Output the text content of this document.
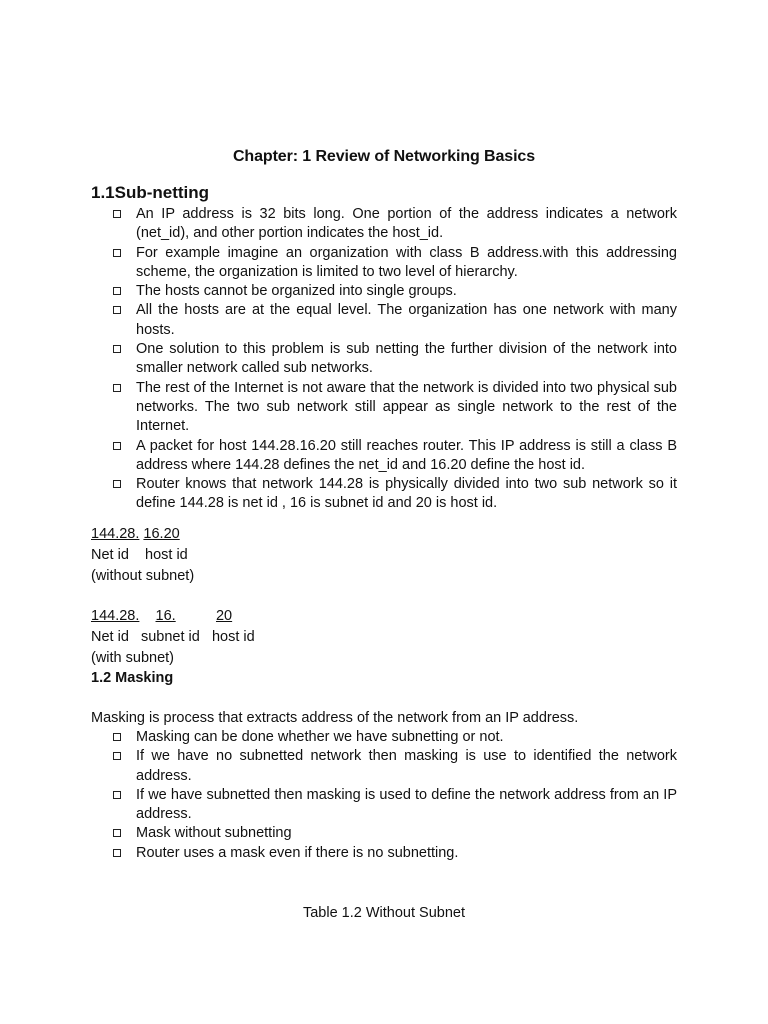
Chapter: 1 Review of Networking Basics
1.1Sub-netting
An IP address is 32 bits long. One portion of the address indicates a network (net_id), and other portion indicates the host_id.
For example imagine an organization with class B address.with this addressing scheme, the organization is limited to two level of hierarchy.
The hosts cannot be organized into single groups.
All the hosts are at the equal level. The organization has one network with many hosts.
One solution to this problem is sub netting the further division of the network into smaller network called sub networks.
The rest of the Internet is not aware that the network is divided into two physical sub networks. The two sub network still appear as single network to the rest of the Internet.
A packet for host 144.28.16.20 still reaches router. This IP address is still a class B address where 144.28 defines the net_id and 16.20 define the host id.
Router knows that network 144.28 is physically divided into two sub network so it define 144.28 is net id , 16 is subnet id and 20 is host id.
144.28. 16.20
Net id host id
(without subnet)
144.28. 16.	20
Net id subnet id host id
(with subnet)
1.2 Masking
Masking is process that extracts address of the network from an IP address.
Masking can be done whether we have subnetting or not.
If we have no subnetted network then masking is use to identified the network address.
If we have subnetted then masking is used to define the network address from an IP address.
Mask without subnetting
Router uses a mask even if there is no subnetting.
Table 1.2 Without Subnet
